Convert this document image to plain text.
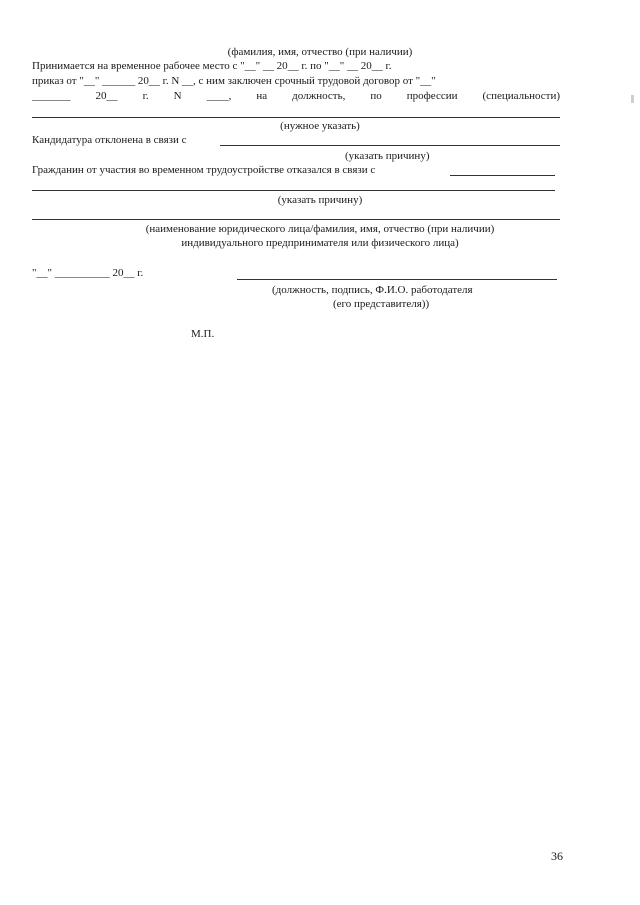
(фамилия, имя, отчество (при наличии)
Принимается на временное рабочее место с "__" __ 20__ г. по "__" __ 20__ г.
приказ от "__" ______ 20__ г. N __, с ним заключен срочный трудовой договор от "__"
_______ 20__ г. N ____, на должность, по профессии (специальности)
(нужное указать)
Кандидатура отклонена в связи с
(указать причину)
Гражданин от участия во временном трудоустройстве отказался в связи с
(указать причину)
(наименование юридического лица/фамилия, имя, отчество (при наличии)
индивидуального предпринимателя или физического лица)
"__" __________ 20__ г.
(должность, подпись, Ф.И.О. работодателя
(его представителя))
М.П.
36
